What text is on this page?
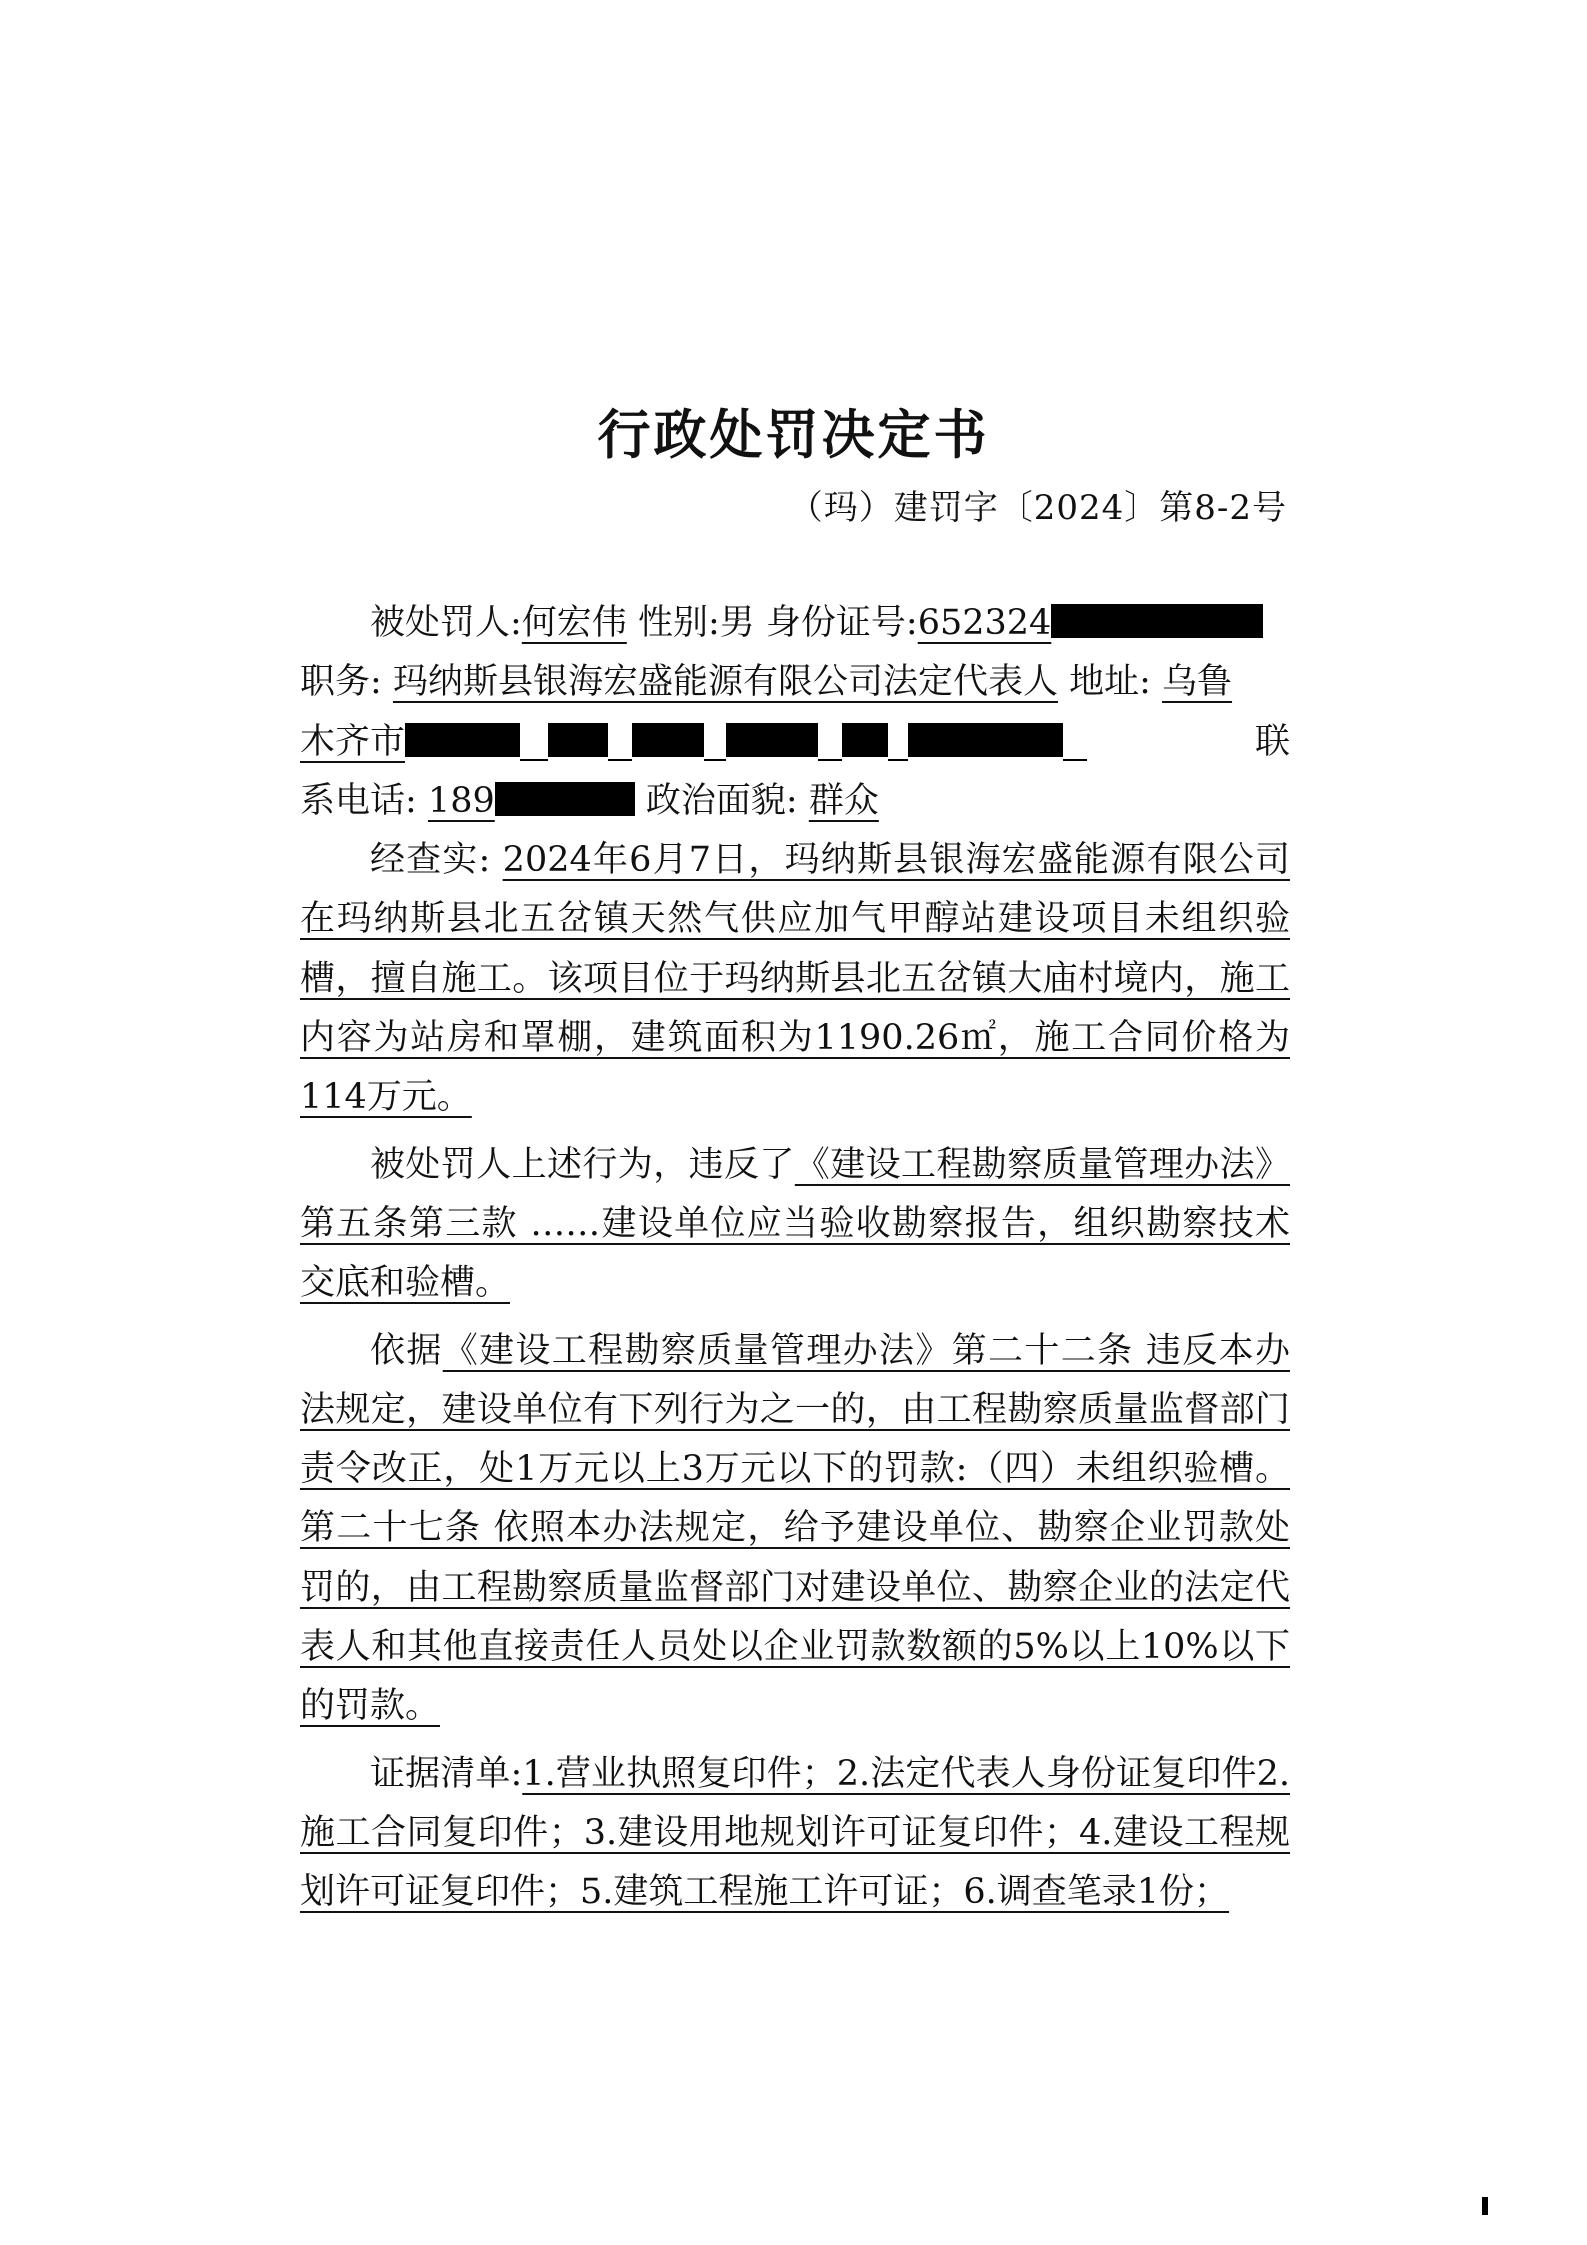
行政处罚决定书
（玛）建罚字〔2024〕第8-2号

被处罚人:何宏伟 性别:男 身份证号:652324
职务: 玛纳斯县银海宏盛能源有限公司法定代表人 地址: 乌鲁
木齐市	联

系电话: 189	政治面貌: 群众

经查实: 2024年6月7日，玛纳斯县银海宏盛能源有限公司在玛纳斯县北五岔镇天然气供应加气甲醇站建设项目未组织验槽，擅自施工。该项目位于玛纳斯县北五岔镇大庙村境内，施工内容为站房和罩棚，建筑面积为1190.26㎡，施工合同价格为114万元。

被处罚人上述行为，违反了《建设工程勘察质量管理办法》第五条第三款 ……建设单位应当验收勘察报告，组织勘察技术交底和验槽。

依据《建设工程勘察质量管理办法》第二十二条 违反本办法规定，建设单位有下列行为之一的，由工程勘察质量监督部门责令改正，处1万元以上3万元以下的罚款:（四）未组织验槽。第二十七条 依照本办法规定，给予建设单位、勘察企业罚款处罚的，由工程勘察质量监督部门对建设单位、勘察企业的法定代表人和其他直接责任人员处以企业罚款数额的5%以上10%以下的罚款。

证据清单:1.营业执照复印件；2.法定代表人身份证复印件2.施工合同复印件；3.建设用地规划许可证复印件；4.建设工程规划许可证复印件；5.建筑工程施工许可证；6.调查笔录1份；
